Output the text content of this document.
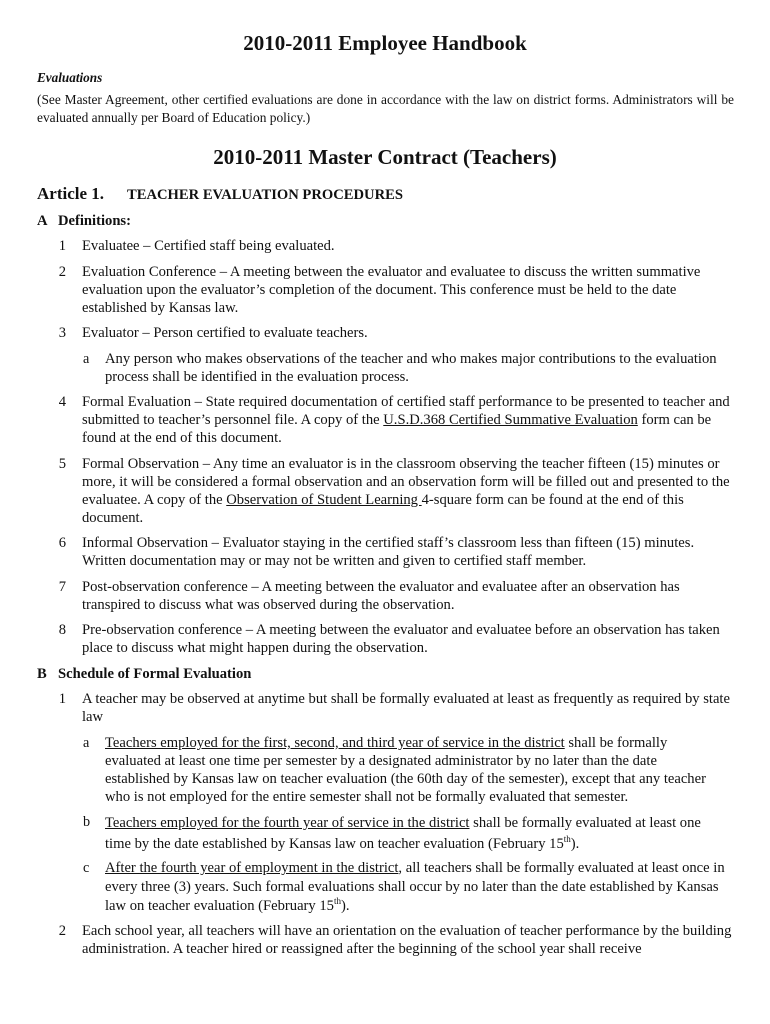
2010-2011 Employee Handbook
Evaluations
(See Master Agreement, other certified evaluations are done in accordance with the law on district forms. Administrators will be evaluated annually per Board of Education policy.)
2010-2011 Master Contract (Teachers)
Article 1. TEACHER EVALUATION PROCEDURES
A Definitions:
1 Evaluatee – Certified staff being evaluated.
2 Evaluation Conference – A meeting between the evaluator and evaluatee to discuss the written summative evaluation upon the evaluator’s completion of the document. This conference must be held to the date established by Kansas law.
3 Evaluator – Person certified to evaluate teachers.
a Any person who makes observations of the teacher and who makes major contributions to the evaluation process shall be identified in the evaluation process.
4 Formal Evaluation – State required documentation of certified staff performance to be presented to teacher and submitted to teacher’s personnel file. A copy of the U.S.D.368 Certified Summative Evaluation form can be found at the end of this document.
5 Formal Observation – Any time an evaluator is in the classroom observing the teacher fifteen (15) minutes or more, it will be considered a formal observation and an observation form will be filled out and presented to the evaluatee. A copy of the Observation of Student Learning 4-square form can be found at the end of this document.
6 Informal Observation – Evaluator staying in the certified staff’s classroom less than fifteen (15) minutes. Written documentation may or may not be written and given to certified staff member.
7 Post-observation conference – A meeting between the evaluator and evaluatee after an observation has transpired to discuss what was observed during the observation.
8 Pre-observation conference – A meeting between the evaluator and evaluatee before an observation has taken place to discuss what might happen during the observation.
B Schedule of Formal Evaluation
1 A teacher may be observed at anytime but shall be formally evaluated at least as frequently as required by state law
a Teachers employed for the first, second, and third year of service in the district shall be formally evaluated at least one time per semester by a designated administrator by no later than the date established by Kansas law on teacher evaluation (the 60th day of the semester), except that any teacher who is not employed for the entire semester shall not be formally evaluated that semester.
b Teachers employed for the fourth year of service in the district shall be formally evaluated at least one time by the date established by Kansas law on teacher evaluation (February 15th).
c After the fourth year of employment in the district, all teachers shall be formally evaluated at least once in every three (3) years. Such formal evaluations shall occur by no later than the date established by Kansas law on teacher evaluation (February 15th).
2 Each school year, all teachers will have an orientation on the evaluation of teacher performance by the building administration. A teacher hired or reassigned after the beginning of the school year shall receive
